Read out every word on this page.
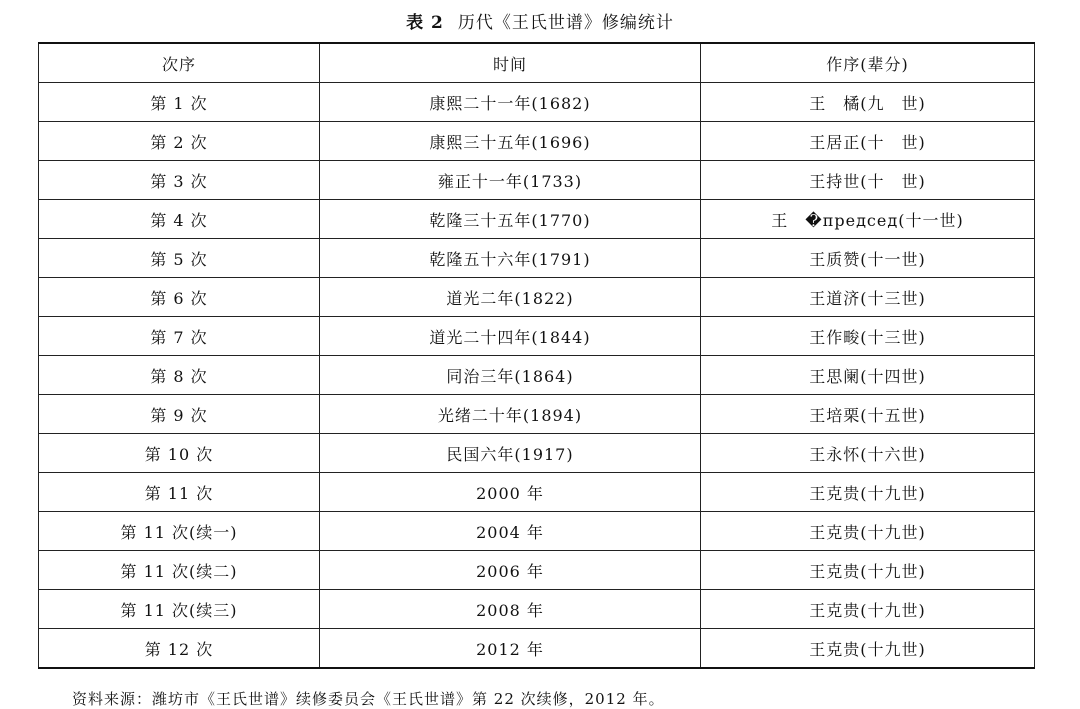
表 2 历代《王氏世谱》修编统计
次序	时间	作序(辈分)
第 1 次	康熙二十一年(1682)	王　橘(九　世)
第 2 次	康熙三十五年(1696)	王居正(十　世)
第 3 次	雍正十一年(1733)	王持世(十　世)
第 4 次	乾隆三十五年(1770)	王　�председ(十一世)
第 5 次	乾隆五十六年(1791)	王质赞(十一世)
第 6 次	道光二年(1822)	王道济(十三世)
第 7 次	道光二十四年(1844)	王作畯(十三世)
第 8 次	同治三年(1864)	王思阑(十四世)
第 9 次	光绪二十年(1894)	王培栗(十五世)
第 10 次	民国六年(1917)	王永怀(十六世)
第 11 次	2000 年	王克贵(十九世)
第 11 次(续一)	2004 年	王克贵(十九世)
第 11 次(续二)	2006 年	王克贵(十九世)
第 11 次(续三)	2008 年	王克贵(十九世)
第 12 次	2012 年	王克贵(十九世)
资料来源：潍坊市《王氏世谱》续修委员会《王氏世谱》第 22 次续修，2012 年。
